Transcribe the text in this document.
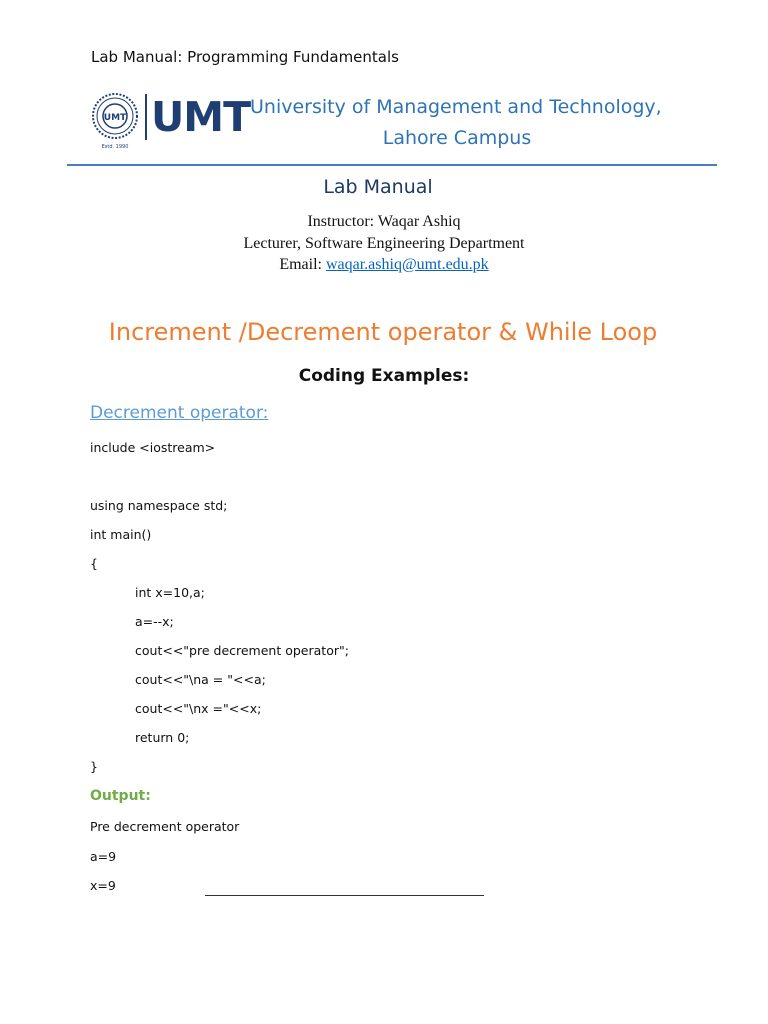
Lab Manual: Programming Fundamentals
UMT
Estd. 1990
UMT University of Management and Technology,
Lahore Campus
Lab Manual
Instructor: Waqar Ashiq
Lecturer, Software Engineering Department
Email: waqar.ashiq@umt.edu.pk
Increment /Decrement operator & While Loop
Coding Examples:
Decrement operator:
include <iostream>
using namespace std;
int main()
{
int x=10,a;
a=--x;
cout<<"pre decrement operator";
cout<<"\na = "<<a;
cout<<"\nx ="<<x;
return 0;
}
Output:
Pre decrement operator
a=9
x=9
